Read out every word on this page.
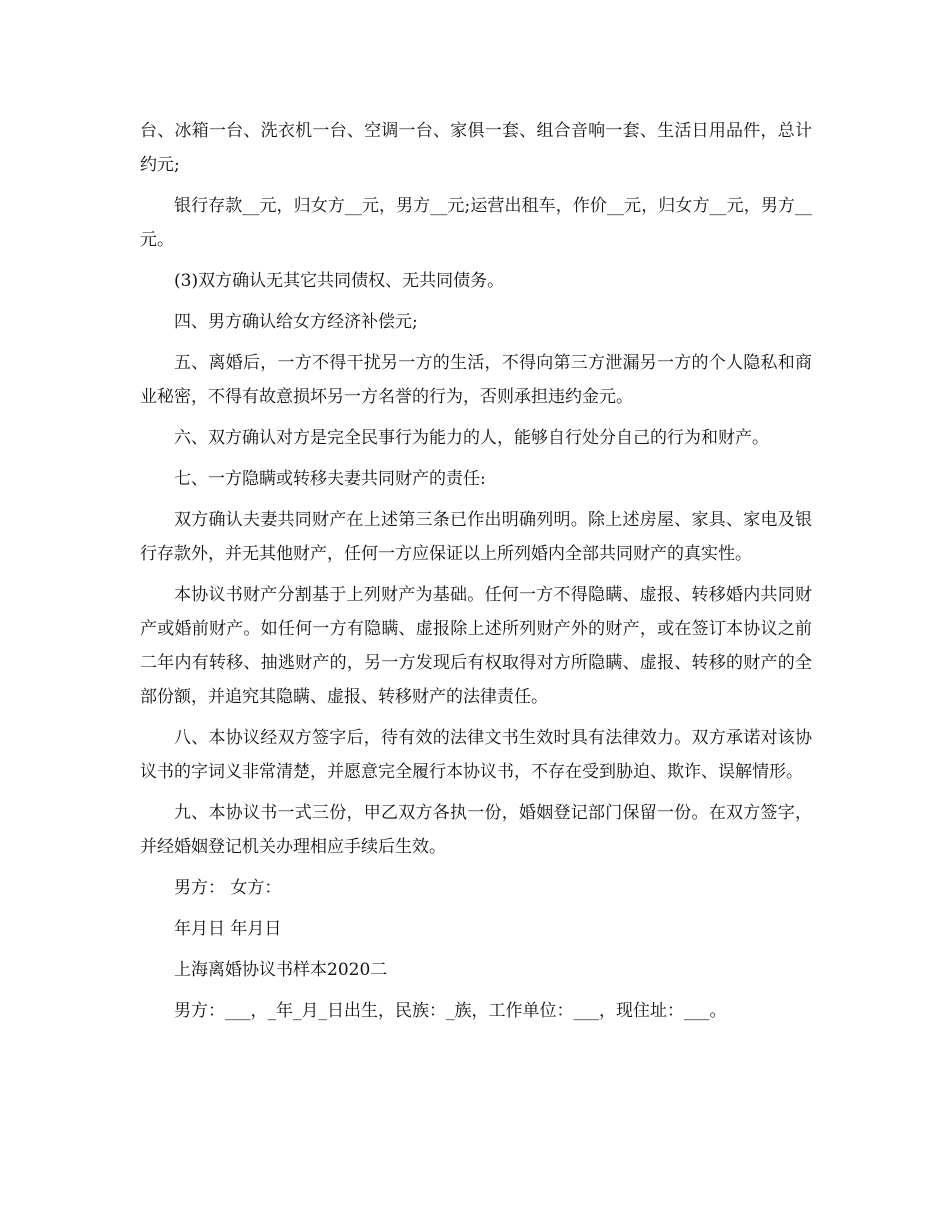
台、冰箱一台、洗衣机一台、空调一台、家俱一套、组合音响一套、生活日用品件，总计约元;

银行存款__元，归女方__元，男方__元;运营出租车，作价__元，归女方__元，男方__元。

(3)双方确认无其它共同债权、无共同债务。

四、男方确认给女方经济补偿元;

五、离婚后，一方不得干扰另一方的生活，不得向第三方泄漏另一方的个人隐私和商业秘密，不得有故意损坏另一方名誉的行为，否则承担违约金元。

六、双方确认对方是完全民事行为能力的人，能够自行处分自己的行为和财产。

七、一方隐瞒或转移夫妻共同财产的责任:

双方确认夫妻共同财产在上述第三条已作出明确列明。除上述房屋、家具、家电及银行存款外，并无其他财产，任何一方应保证以上所列婚内全部共同财产的真实性。

本协议书财产分割基于上列财产为基础。任何一方不得隐瞒、虚报、转移婚内共同财产或婚前财产。如任何一方有隐瞒、虚报除上述所列财产外的财产，或在签订本协议之前二年内有转移、抽逃财产的，另一方发现后有权取得对方所隐瞒、虚报、转移的财产的全部份额，并追究其隐瞒、虚报、转移财产的法律责任。

八、本协议经双方签字后，待有效的法律文书生效时具有法律效力。双方承诺对该协议书的字词义非常清楚，并愿意完全履行本协议书，不存在受到胁迫、欺诈、误解情形。

九、本协议书一式三份，甲乙双方各执一份，婚姻登记部门保留一份。在双方签字，并经婚姻登记机关办理相应手续后生效。

男方： 女方：

年月日 年月日

上海离婚协议书样本2020二

男方：___，_年_月_日出生，民族：_族，工作单位：___，现住址：___。
